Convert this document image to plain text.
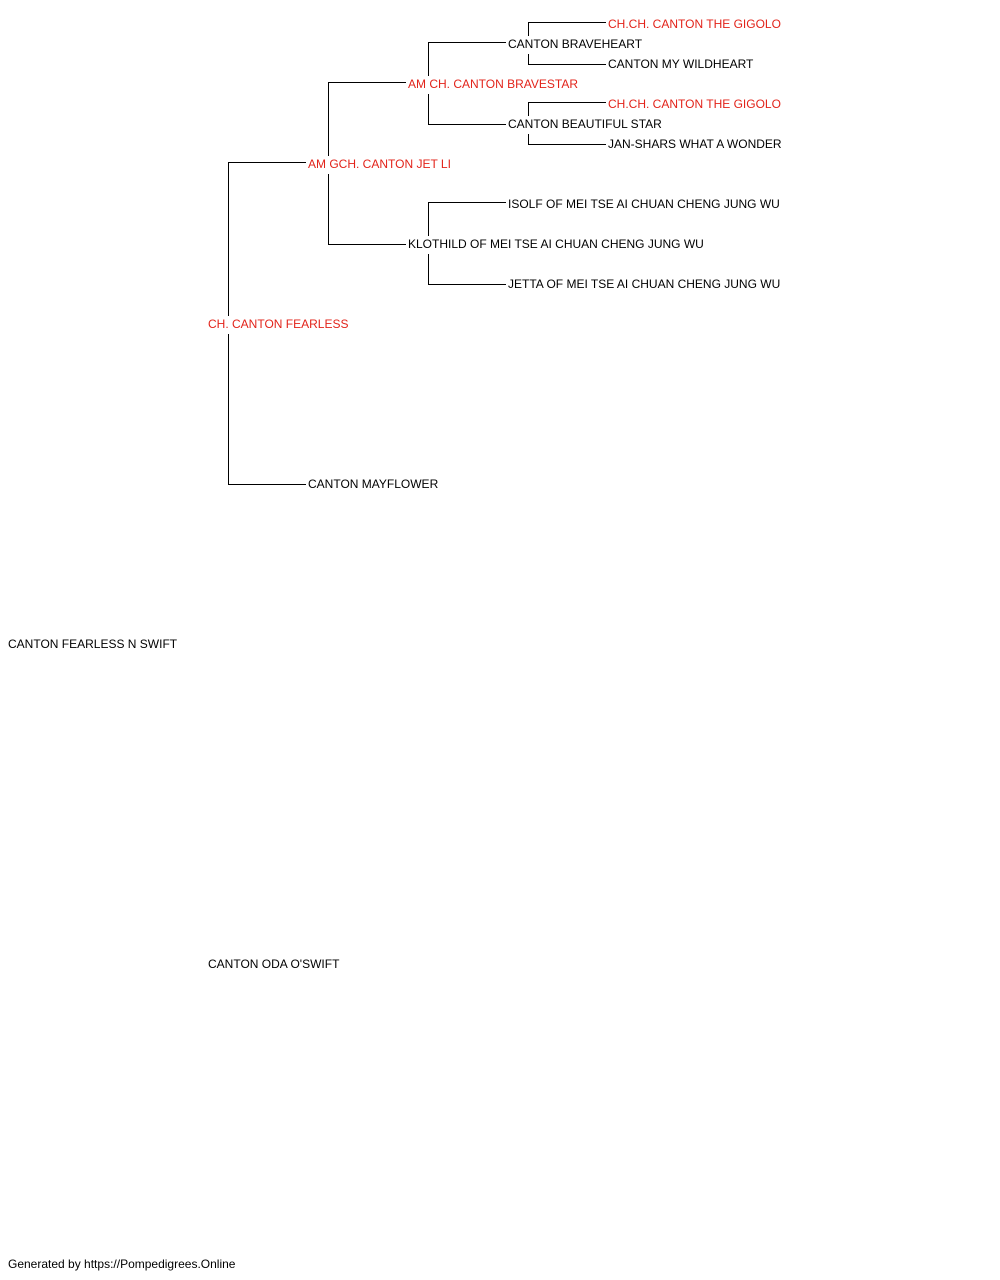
CANTON FEARLESS N SWIFT
CH. CANTON FEARLESS
CANTON ODA O'SWIFT
AM GCH. CANTON JET LI
CANTON MAYFLOWER
AM CH. CANTON BRAVESTAR
KLOTHILD OF MEI TSE AI CHUAN CHENG JUNG WU
CANTON BRAVEHEART
CANTON BEAUTIFUL STAR
ISOLF OF MEI TSE AI CHUAN CHENG JUNG WU
JETTA OF MEI TSE AI CHUAN CHENG JUNG WU
CH.CH. CANTON THE GIGOLO
CANTON MY WILDHEART
CH.CH. CANTON THE GIGOLO
JAN-SHARS WHAT A WONDER
Generated by https://Pompedigrees.Online
